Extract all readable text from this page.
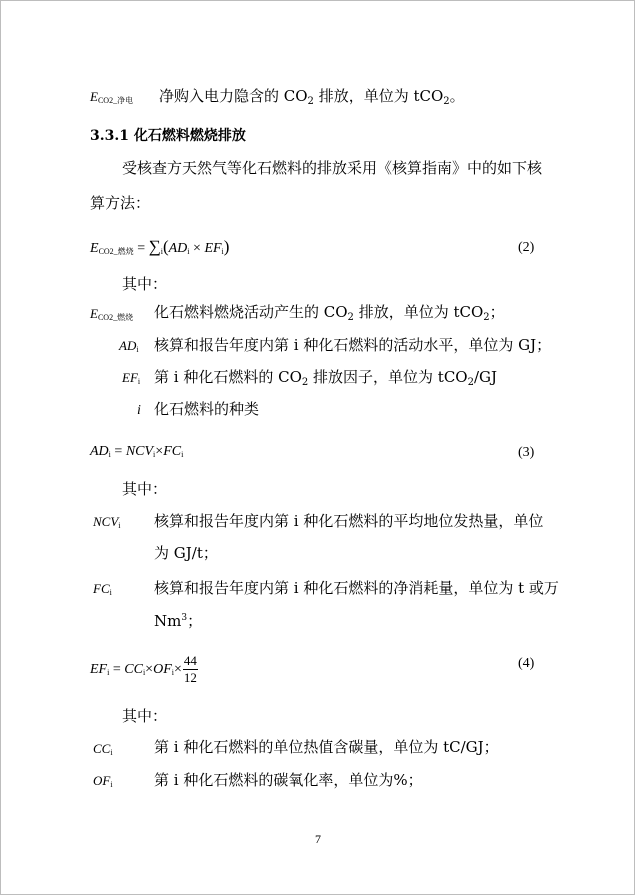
$E_{CO2\_净电}$ 净购入电力隐含的 $CO_2$ 排放，单位为 tCO$_2$。
3.3.1 化石燃料燃烧排放
受核查方天然气等化石燃料的排放采用《核算指南》中的如下核
算方法：
$E_{CO2\_燃烧} = \sum_i(AD_i \times EF_i)$	(2)
其中：
$E_{CO2\_燃烧}$ 化石燃料燃烧活动产生的 $CO_2$ 排放，单位为 tCO$_2$；
$AD_i$ 核算和报告年度内第 i 种化石燃料的活动水平，单位为 GJ；
$EF_i$ 第 i 种化石燃料的 $CO_2$ 排放因子，单位为 tCO$_2$/GJ
i 化石燃料的种类
$AD_i = NCV_i\times FC_i$	(3)
其中：
$NCV_i$ 核算和报告年度内第 i 种化石燃料的平均地位发热量，单位
为 GJ/t；
$FC_i$	核算和报告年度内第 i 种化石燃料的净消耗量，单位为 t 或万
Nm$^3$；
$EF_i = CC_i\times OF_i\times \frac{44}{12}$	(4)
其中：
$CC_i$	第 i 种化石燃料的单位热值含碳量，单位为 tC/GJ；
$OF_i$	第 i 种化石燃料的碳氧化率，单位为%；
7
